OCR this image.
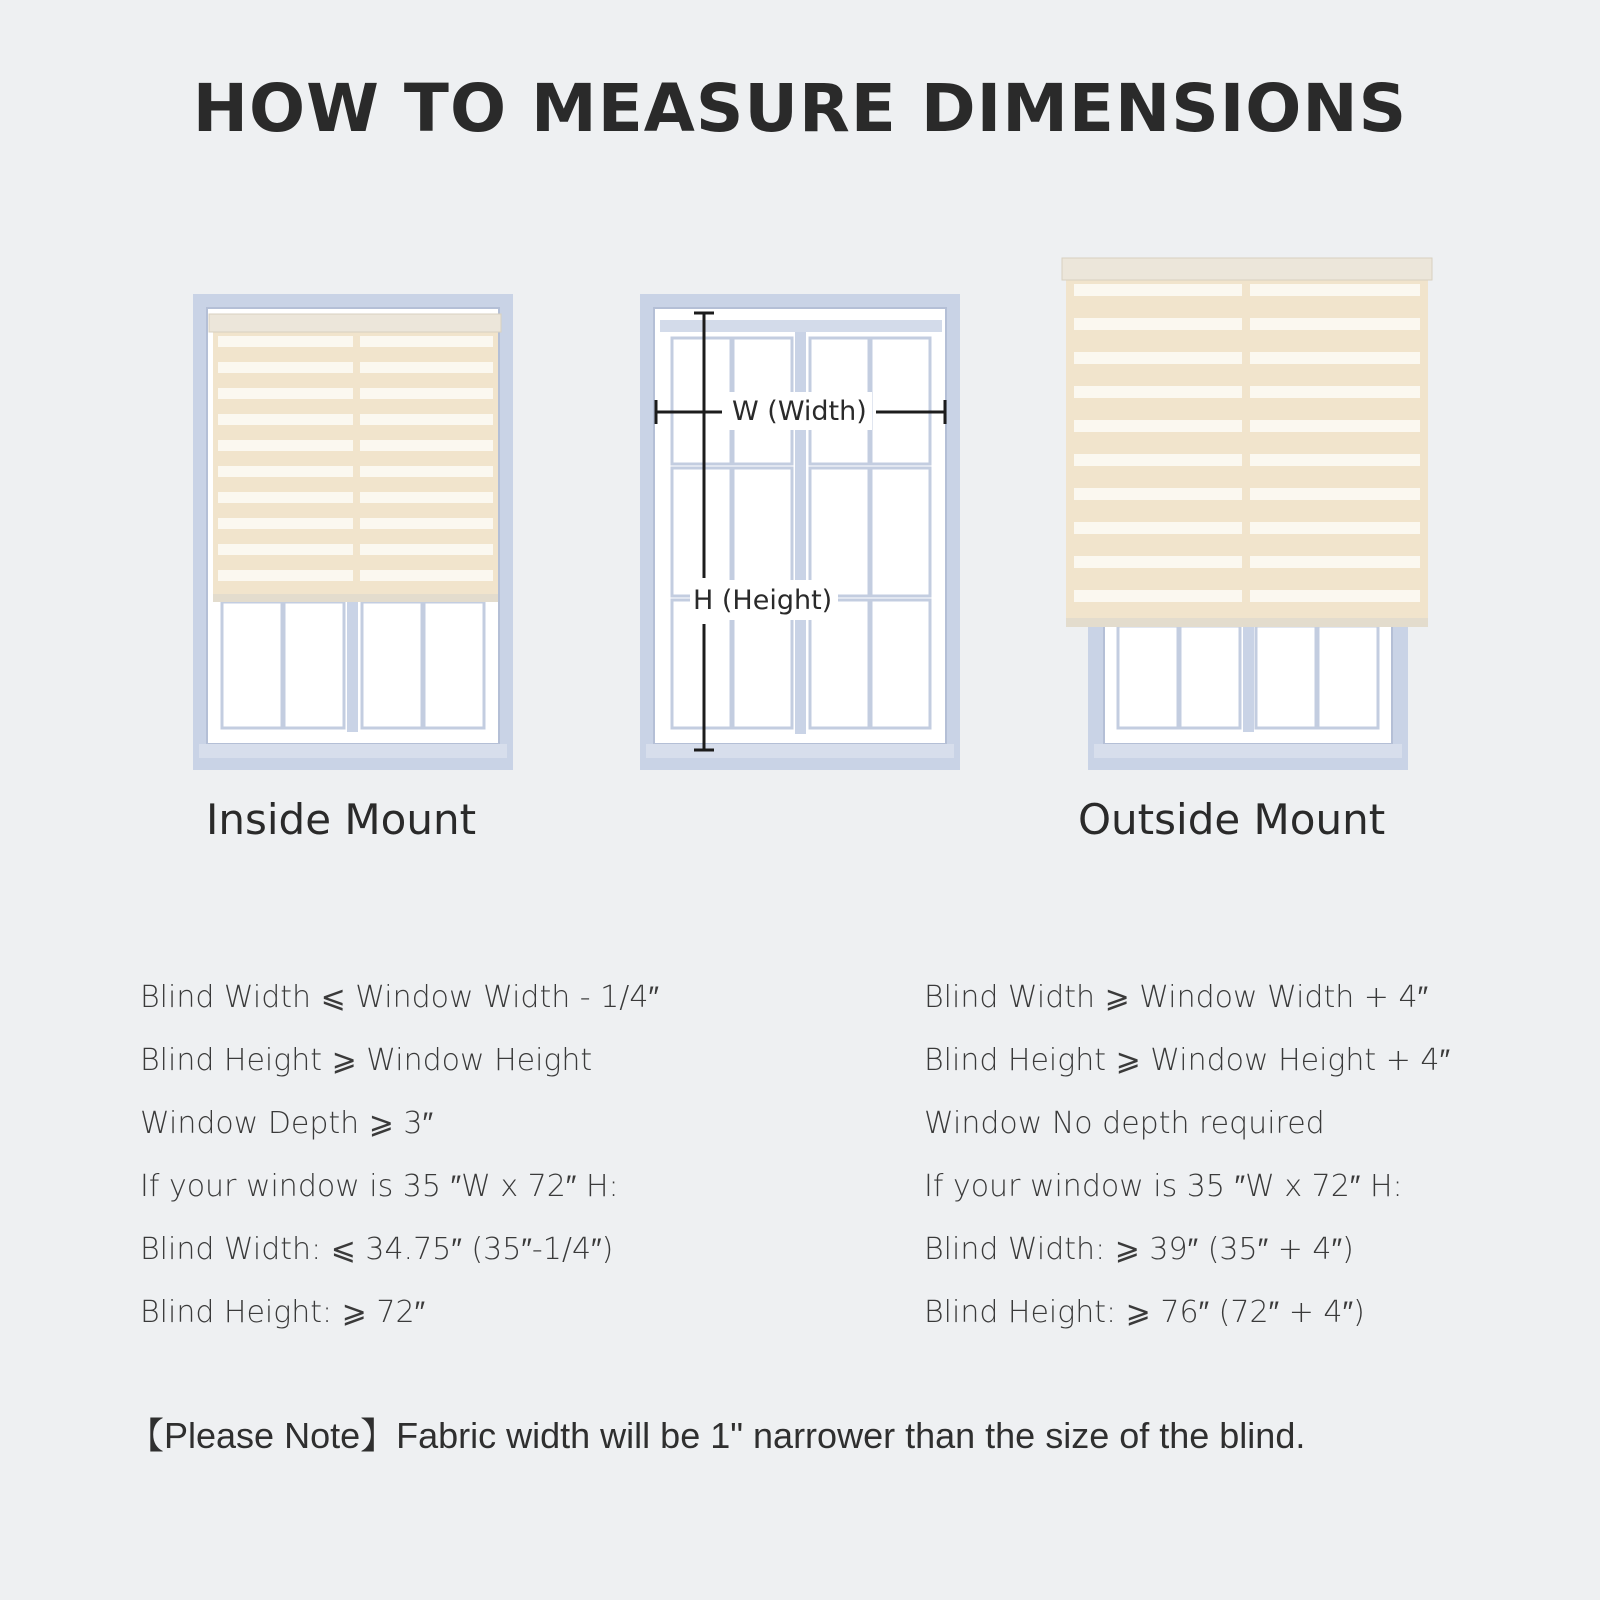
HOW TO MEASURE DIMENSIONS
W (Width)
H (Height)
Inside Mount	Outside Mount
Blind Width ⩽ Window Width - 1/4″
Blind Height ⩾ Window Height
Window Depth ⩾ 3″
If your window is 35 ″W x 72″ H:
Blind Width: ⩽ 34.75″ (35″-1/4″)
Blind Height: ⩾ 72″
Blind Width ⩾ Window Width + 4″
Blind Height ⩾ Window Height + 4″
Window No depth required
If your window is 35 ″W x 72″ H:
Blind Width: ⩾ 39″ (35″ + 4″)
Blind Height: ⩾ 76″ (72″ + 4″)
【Please Note】Fabric width will be 1" narrower than the size of the blind.
